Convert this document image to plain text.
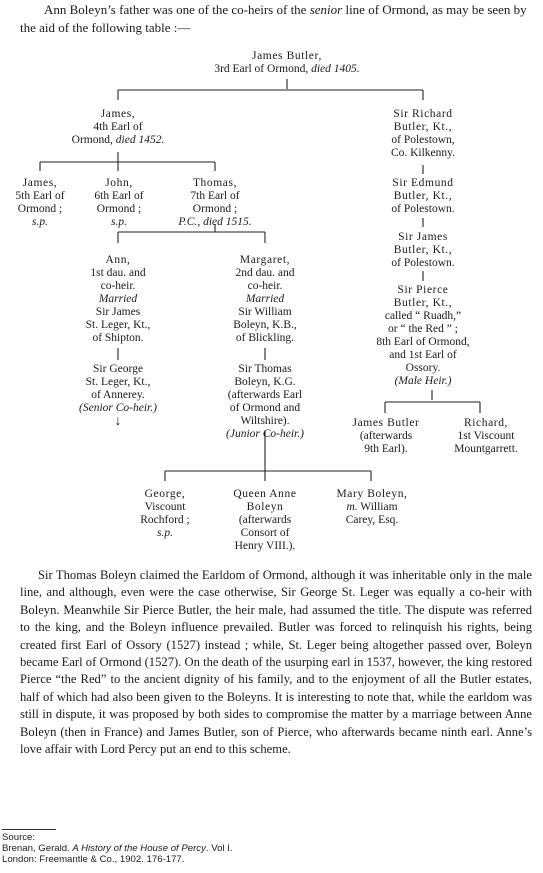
Ann Boleyn’s father was one of the co-heirs of the senior line of Ormond, as may be seen by the aid of the following table :—
James Butler,
3rd Earl of Ormond, died 1405.
James,
4th Earl of
Ormond, died 1452.
James,
5th Earl of
Ormond ;
s.p.
John,
6th Earl of
Ormond ;
s.p.
Thomas,
7th Earl of
Ormond ;
P.C., died 1515.
Ann,
1st dau. and
co-heir.
Married
Sir James
St. Leger, Kt.,
of Shipton.
Margaret,
2nd dau. and
co-heir.
Married
Sir William
Boleyn, K.B.,
of Blickling.
Sir George
St. Leger, Kt.,
of Annerey.
(Senior Co-heir.)
↓
Sir Thomas
Boleyn, K.G.
(afterwards Earl
of Ormond and
Wiltshire).
(Junior Co-heir.)
George,
Viscount
Rochford ;
s.p.
Queen Anne
Boleyn
(afterwards
Consort of
Henry VIII.).
Mary Boleyn,
m. William
Carey, Esq.
Sir Richard
Butler, Kt.,
of Polestown,
Co. Kilkenny.
Sir Edmund
Butler, Kt.,
of Polestown.
Sir James
Butler, Kt.,
of Polestown.
Sir Pierce
Butler, Kt.,
called “ Ruadh,”
or “ the Red ” ;
8th Earl of Ormond,
and 1st Earl of
Ossory.
(Male Heir.)
James Butler
(afterwards
9th Earl).
Richard,
1st Viscount
Mountgarrett.
Sir Thomas Boleyn claimed the Earldom of Ormond, although it was inheritable only in the male line, and although, even were the case otherwise, Sir George St. Leger was equally a co-heir with Boleyn. Meanwhile Sir Pierce Butler, the heir male, had assumed the title. The dispute was referred to the king, and the Boleyn influence prevailed. Butler was forced to relinquish his rights, being created first Earl of Ossory (1527) instead ; while, St. Leger being altogether passed over, Boleyn became Earl of Ormond (1527). On the death of the usurping earl in 1537, however, the king restored Pierce “the Red” to the ancient dignity of his family, and to the enjoyment of all the Butler estates, half of which had also been given to the Boleyns. It is interesting to note that, while the earldom was still in dispute, it was proposed by both sides to compromise the matter by a marriage between Anne Boleyn (then in France) and James Butler, son of Pierce, who afterwards became ninth earl. Anne’s love affair with Lord Percy put an end to this scheme.
Source:
Brenan, Gerald. A History of the House of Percy. Vol I.
London: Freemantle & Co., 1902. 176-177.
